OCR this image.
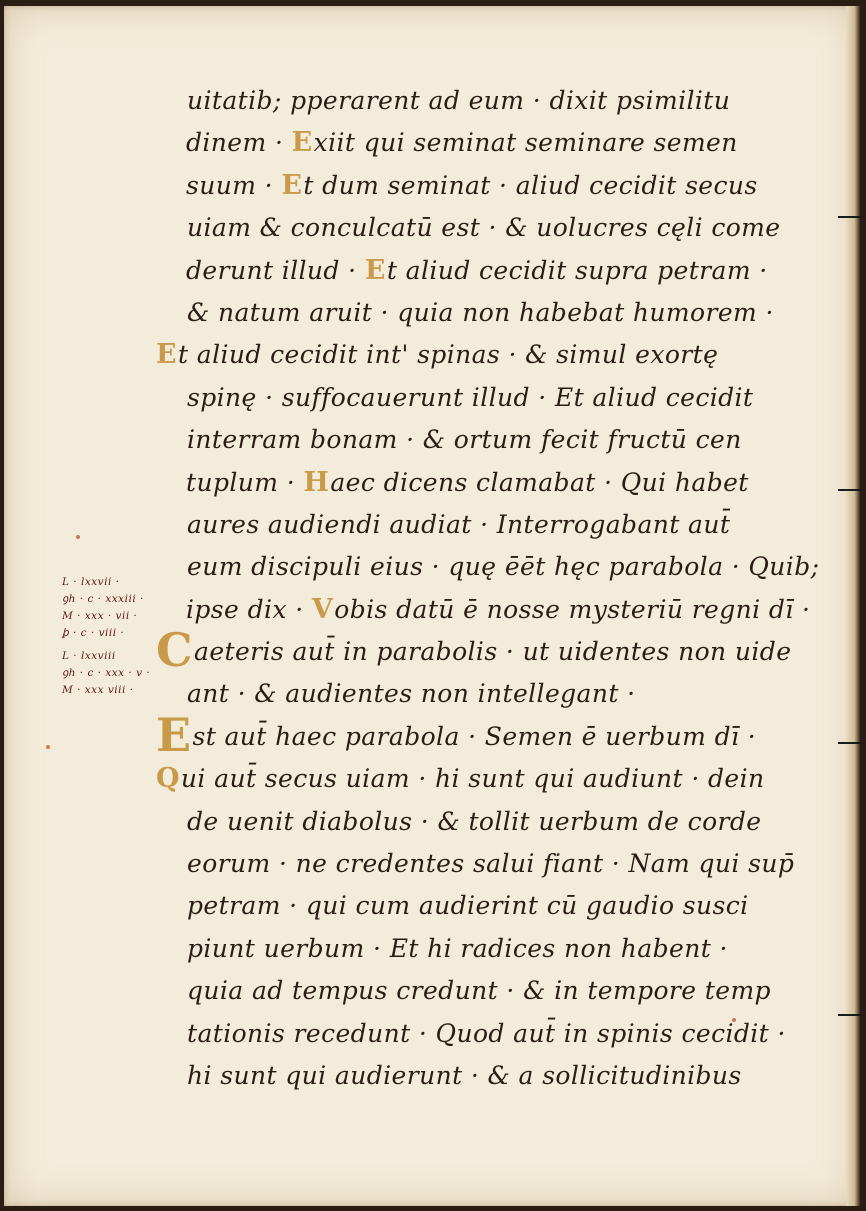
L · lxxvii ·
ꝯh · c · xxxiii ·
M · xxx · vii ·
ꝧ · c · viii ·
L · lxxviii
ꝯh · c · xxx · v ·
M · xxx viii ·
uitatib; pperarent ad eum · dixit psimilitu
dinem · Exiit qui seminat seminare semen
suum · Et dum seminat · aliud cecidit secus
uiam & conculcatū est · & uolucres cęli come
derunt illud · Et aliud cecidit supra petram ·
& natum aruit · quia non habebat humorem ·
Et aliud cecidit int' spinas · & simul exortę
spinę · suffocauerunt illud · Et aliud cecidit
interram bonam · & ortum fecit fructū cen
tuplum · Haec dicens clamabat · Qui habet
aures audiendi audiat · Interrogabant aut̄
eum discipuli eius · quę ēēt hęc parabola · Quib;
ipse dix · Vobis datū ē nosse mysteriū regni dī ·
Caeteris aut̄ in parabolis · ut uidentes non uide
ant · & audientes non intellegant ·
Est aut̄ haec parabola · Semen ē uerbum dī ·
Qui aut̄ secus uiam · hi sunt qui audiunt · dein
de uenit diabolus · & tollit uerbum de corde
eorum · ne credentes salui fiant · Nam qui sup̄
petram · qui cum audierint cū gaudio susci
piunt uerbum · Et hi radices non habent ·
quia ad tempus credunt · & in tempore temp
tationis recedunt · Quod aut̄ in spinis cecidit ·
hi sunt qui audierunt · & a sollicitudinibus
